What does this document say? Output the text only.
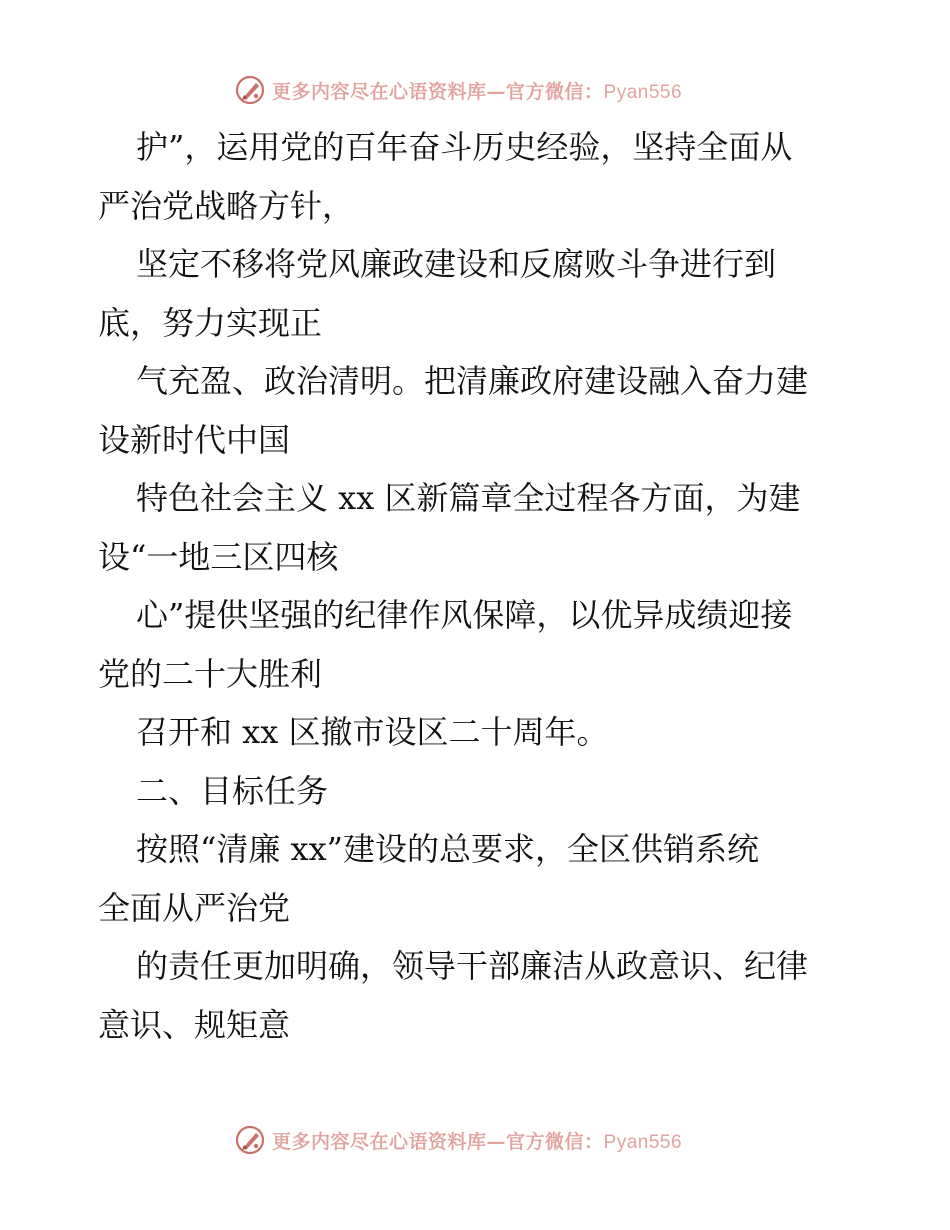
更多内容尽在心语资料库—官方微信：Pyan556
护”，运用党的百年奋斗历史经验，坚持全面从
严治党战略方针，
坚定不移将党风廉政建设和反腐败斗争进行到
底，努力实现正
气充盈、政治清明。把清廉政府建设融入奋力建
设新时代中国
特色社会主义 xx 区新篇章全过程各方面，为建
设“一地三区四核
心”提供坚强的纪律作风保障，以优异成绩迎接
党的二十大胜利
召开和 xx 区撤市设区二十周年。
二、目标任务
按照“清廉 xx”建设的总要求，全区供销系统
全面从严治党
的责任更加明确，领导干部廉洁从政意识、纪律
意识、规矩意
更多内容尽在心语资料库—官方微信：Pyan556
